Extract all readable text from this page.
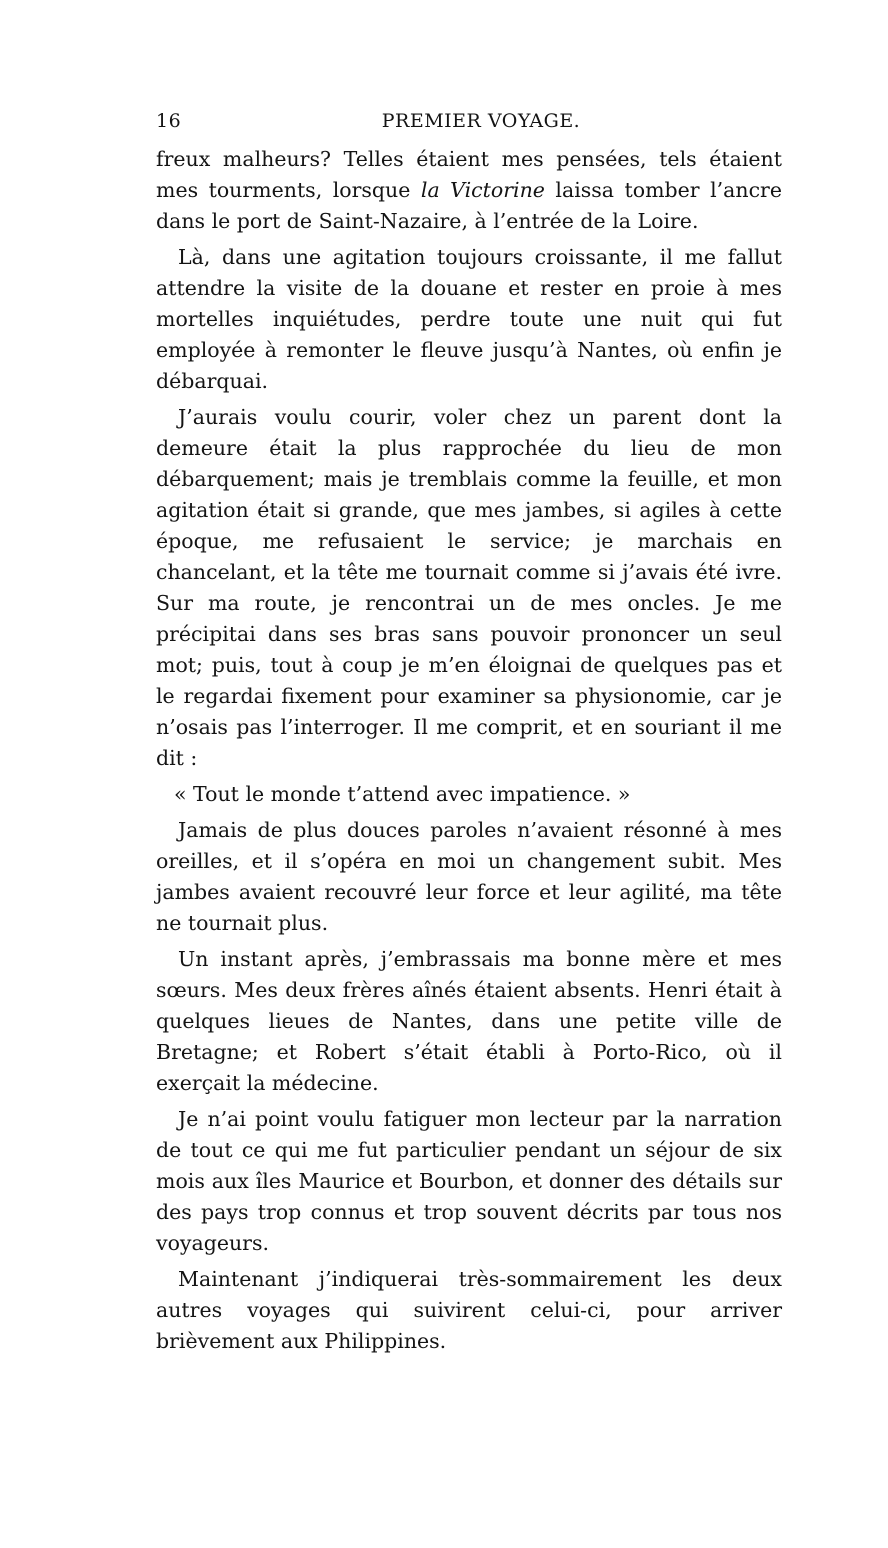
16	PREMIER VOYAGE.

freux malheurs? Telles étaient mes pensées, tels étaient mes tourments, lorsque la Victorine laissa tomber l’ancre dans le port de Saint-Nazaire, à l’entrée de la Loire.

Là, dans une agitation toujours croissante, il me fallut attendre la visite de la douane et rester en proie à mes mortelles inquiétudes, perdre toute une nuit qui fut employée à remonter le fleuve jusqu’à Nantes, où enfin je débarquai.

J’aurais voulu courir, voler chez un parent dont la demeure était la plus rapprochée du lieu de mon débarquement; mais je tremblais comme la feuille, et mon agitation était si grande, que mes jambes, si agiles à cette époque, me refusaient le service; je marchais en chancelant, et la tête me tournait comme si j’avais été ivre. Sur ma route, je rencontrai un de mes oncles. Je me précipitai dans ses bras sans pouvoir prononcer un seul mot; puis, tout à coup je m’en éloignai de quelques pas et le regardai fixement pour examiner sa physionomie, car je n’osais pas l’interroger. Il me comprit, et en souriant il me dit :

« Tout le monde t’attend avec impatience. »

Jamais de plus douces paroles n’avaient résonné à mes oreilles, et il s’opéra en moi un changement subit. Mes jambes avaient recouvré leur force et leur agilité, ma tête ne tournait plus.

Un instant après, j’embrassais ma bonne mère et mes sœurs. Mes deux frères aînés étaient absents. Henri était à quelques lieues de Nantes, dans une petite ville de Bretagne; et Robert s’était établi à Porto-Rico, où il exerçait la médecine.

Je n’ai point voulu fatiguer mon lecteur par la narration de tout ce qui me fut particulier pendant un séjour de six mois aux îles Maurice et Bourbon, et donner des détails sur des pays trop connus et trop souvent décrits par tous nos voyageurs.

Maintenant j’indiquerai très-sommairement les deux autres voyages qui suivirent celui-ci, pour arriver brièvement aux Philippines.
